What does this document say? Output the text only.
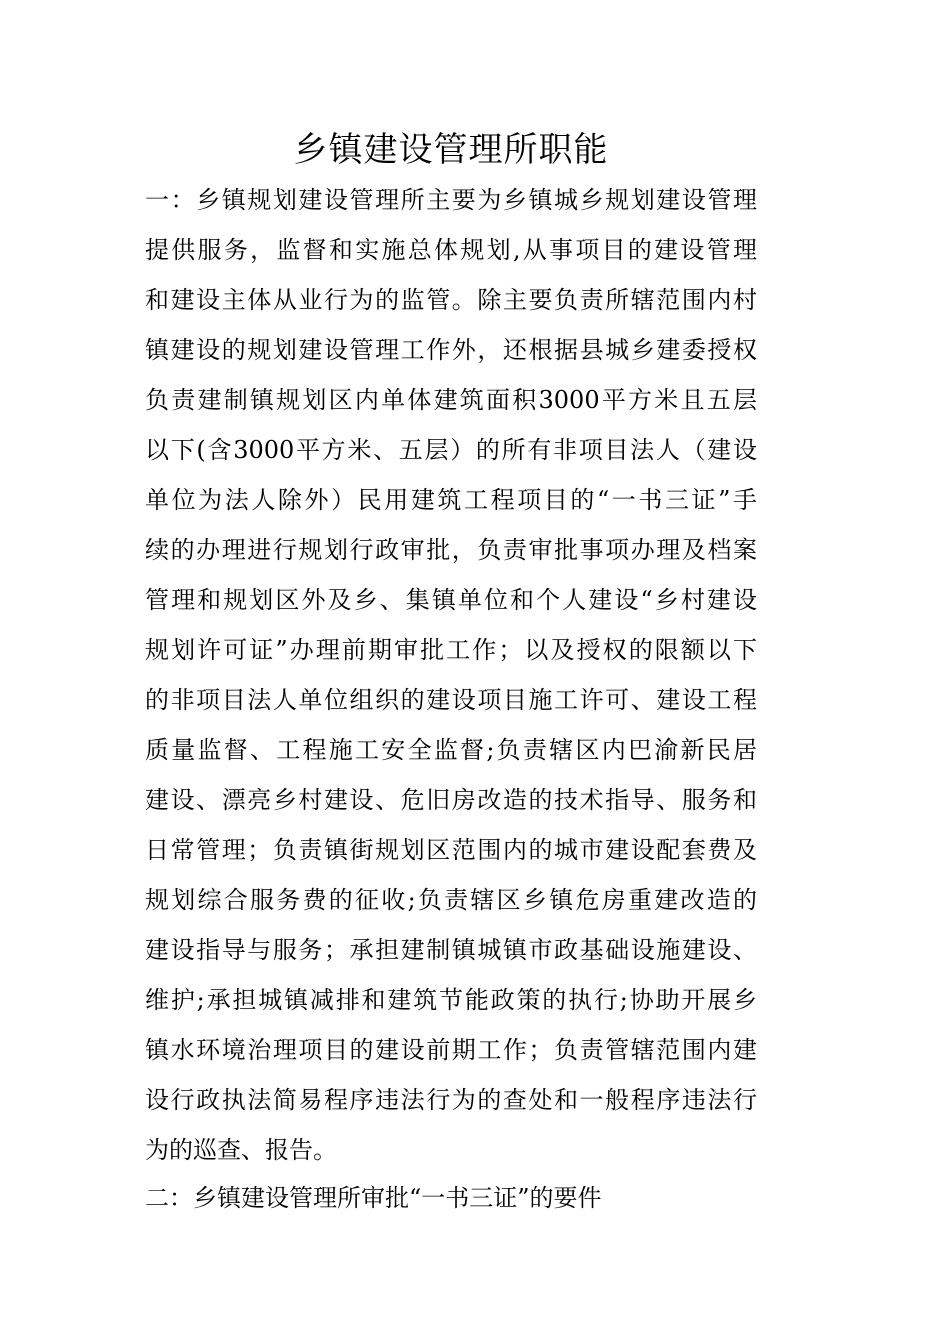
乡镇建设管理所职能
一：乡镇规划建设管理所主要为乡镇城乡规划建设管理
提供服务，监督和实施总体规划,从事项目的建设管理
和建设主体从业行为的监管。除主要负责所辖范围内村
镇建设的规划建设管理工作外，还根据县城乡建委授权
负责建制镇规划区内单体建筑面积3000平方米且五层
以下(含3000平方米、五层）的所有非项目法人（建设
单位为法人除外）民用建筑工程项目的“一书三证”手
续的办理进行规划行政审批，负责审批事项办理及档案
管理和规划区外及乡、集镇单位和个人建设“乡村建设
规划许可证”办理前期审批工作；以及授权的限额以下
的非项目法人单位组织的建设项目施工许可、建设工程
质量监督、工程施工安全监督;负责辖区内巴渝新民居
建设、漂亮乡村建设、危旧房改造的技术指导、服务和
日常管理；负责镇街规划区范围内的城市建设配套费及
规划综合服务费的征收;负责辖区乡镇危房重建改造的
建设指导与服务；承担建制镇城镇市政基础设施建设、
维护;承担城镇减排和建筑节能政策的执行;协助开展乡
镇水环境治理项目的建设前期工作；负责管辖范围内建
设行政执法简易程序违法行为的查处和一般程序违法行
为的巡查、报告。
二：乡镇建设管理所审批“一书三证”的要件
